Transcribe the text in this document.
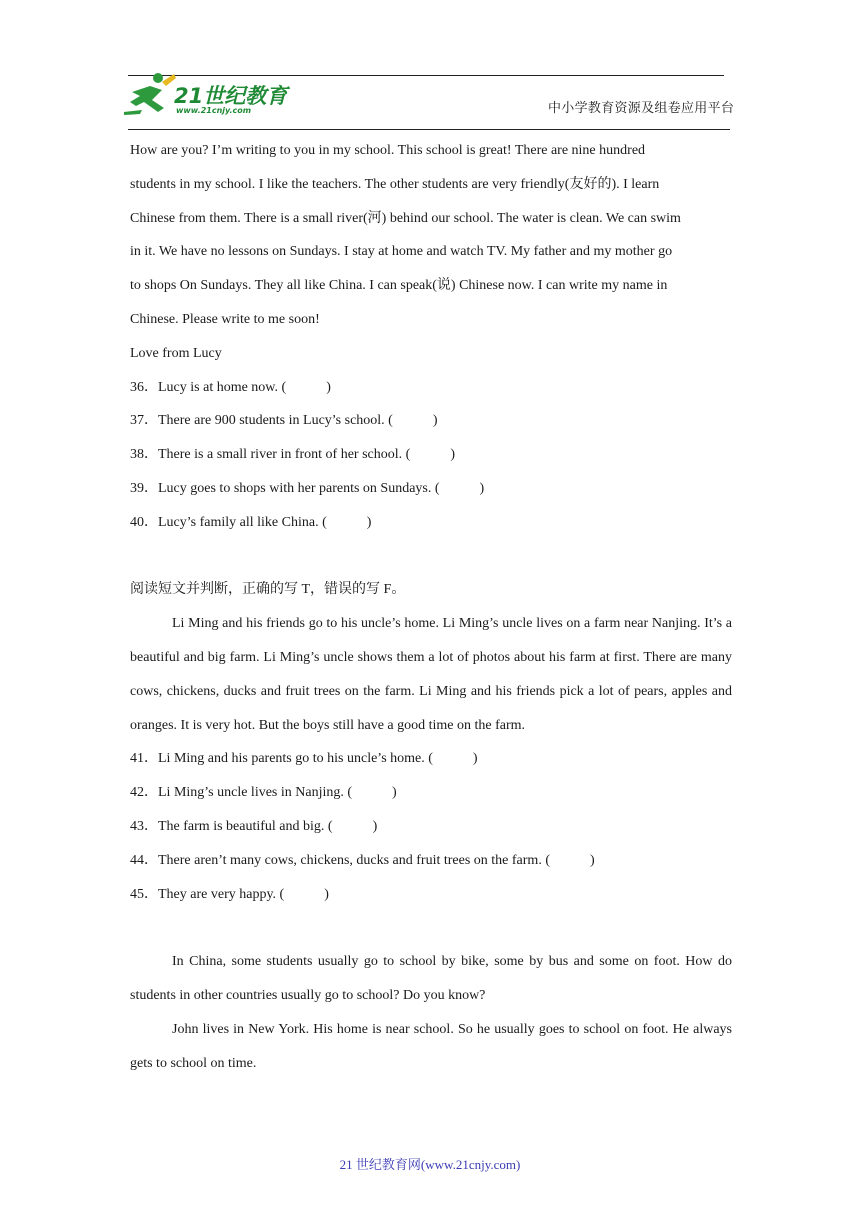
21世纪教育
www.21cnjy.com	中小学教育资源及组卷应用平台
How are you? I’m writing to you in my school. This school is great! There are nine hundred
students in my school. I like the teachers. The other students are very friendly(友好的). I learn
Chinese from them. There is a small river(河) behind our school. The water is clean. We can swim
in it. We have no lessons on Sundays. I stay at home and watch TV. My father and my mother go
to shops On Sundays. They all like China. I can speak(说) Chinese now. I can write my name in
Chinese. Please write to me soon!
Love from Lucy
36．Lucy is at home now. (	)
37．There are 900 students in Lucy’s school. (	)
38．There is a small river in front of her school. (	)
39．Lucy goes to shops with her parents on Sundays. (	)
40．Lucy’s family all like China. (	)
阅读短文并判断，正确的写 T，错误的写 F。
Li Ming and his friends go to his uncle’s home. Li Ming’s uncle lives on a farm near Nanjing. It’s a beautiful and big farm. Li Ming’s uncle shows them a lot of photos about his farm at first. There are many cows, chickens, ducks and fruit trees on the farm. Li Ming and his friends pick a lot of pears, apples and oranges. It is very hot. But the boys still have a good time on the farm.
41．Li Ming and his parents go to his uncle’s home. (	)
42．Li Ming’s uncle lives in Nanjing. (	)
43．The farm is beautiful and big. (	)
44．There aren’t many cows, chickens, ducks and fruit trees on the farm. (	)
45．They are very happy. (	)
In China, some students usually go to school by bike, some by bus and some on foot. How do students in other countries usually go to school? Do you know?
John lives in New York. His home is near school. So he usually goes to school on foot. He always gets to school on time.
21 世纪教育网(www.21cnjy.com)
